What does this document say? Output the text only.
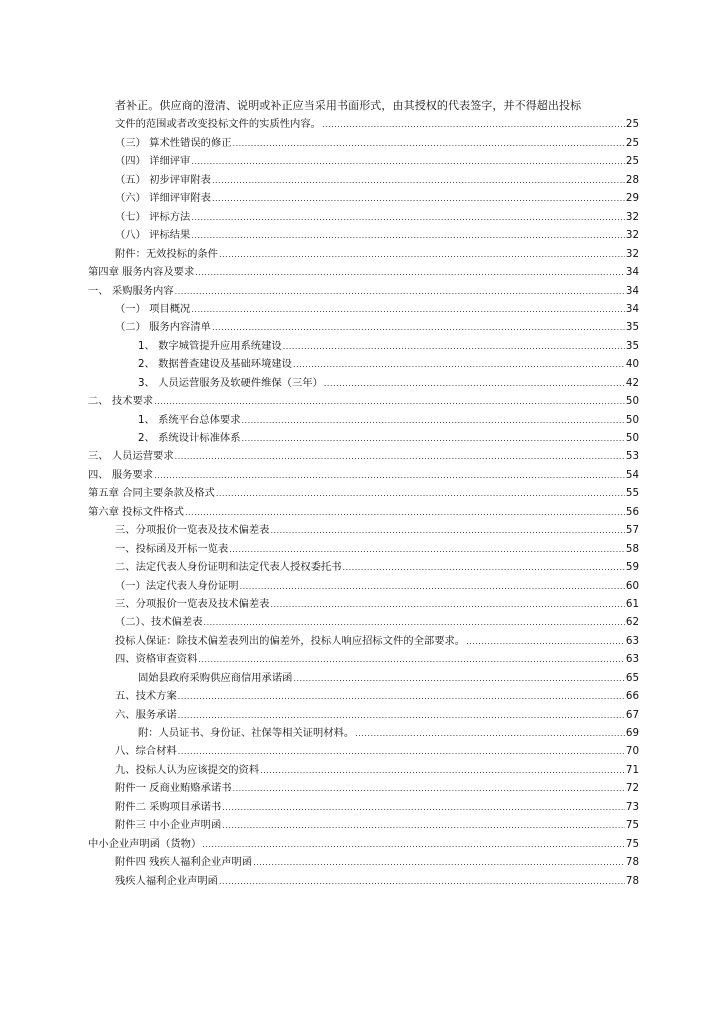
者补正。供应商的澄清、说明或补正应当采用书面形式，由其授权的代表签字，并不得超出投标
文件的范围或者改变投标文件的实质性内容。 .....	25
（三） 算术性错误的修正 .....	25
（四） 详细评审 .....	25
（五） 初步评审附表 .....	28
（六） 详细评审附表 .....	29
（七） 评标方法 .....	32
（八） 评标结果 .....	32
附件：无效投标的条件 .....	32
第四章 服务内容及要求 .....	34
一、 采购服务内容 .....	34
（一） 项目概况 .....	34
（二） 服务内容清单 .....	35
1、 数字城管提升应用系统建设 .....	35
2、 数据普查建设及基础环境建设 .....	40
3、 人员运营服务及软硬件维保（三年） .....	42
二、 技术要求 .....	50
1、 系统平台总体要求 .....	50
2、 系统设计标准体系 .....	50
三、 人员运营要求 .....	53
四、 服务要求 .....	54
第五章 合同主要条款及格式 .....	55
第六章 投标文件格式 .....	56
三、分项报价一览表及技术偏差表 .....	57
一、投标函及开标一览表 .....	58
二、法定代表人身份证明和法定代表人授权委托书 .....	59
（一）法定代表人身份证明 .....	60
三、分项报价一览表及技术偏差表 .....	61
（二）、技术偏差表 .....	62
投标人保证：除技术偏差表列出的偏差外，投标人响应招标文件的全部要求。 .....	63
四、资格审查资料 .....	63
固始县政府采购供应商信用承诺函 .....	65
五、技术方案 .....	66
六、服务承诺 .....	67
附：人员证书、身份证、社保等相关证明材料。 .....	69
八、综合材料 .....	70
九、投标人认为应该提交的资料 .....	71
附件一 反商业贿赂承诺书 .....	72
附件二 采购项目承诺书 .....	73
附件三 中小企业声明函 .....	75
中小企业声明函（货物） .....	75
附件四 残疾人福利企业声明函 .....	78
残疾人福利企业声明函 .....	78
